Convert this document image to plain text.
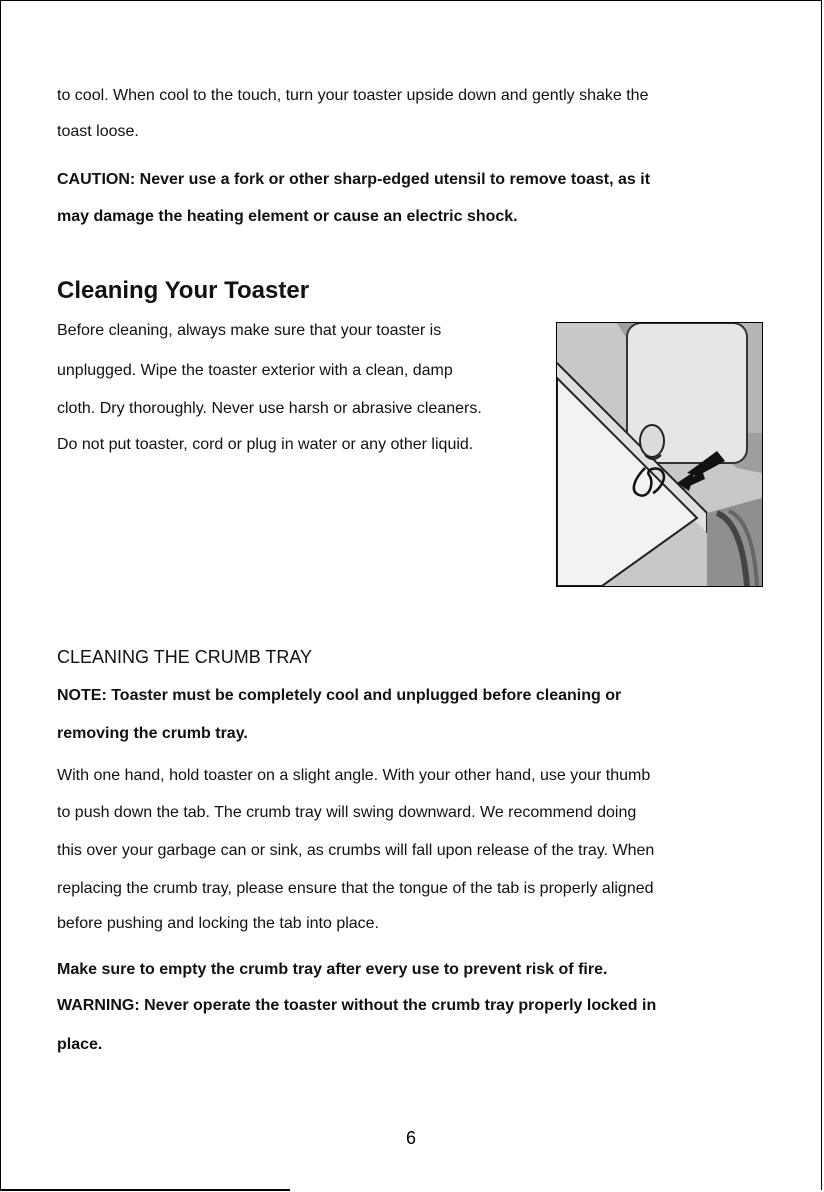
to cool. When cool to the touch, turn your toaster upside down and gently shake the
toast loose.
CAUTION: Never use a fork or other sharp-edged utensil to remove toast, as it
may damage the heating element or cause an electric shock.
Cleaning Your Toaster
Before cleaning, always make sure that your toaster is
unplugged. Wipe the toaster exterior with a clean, damp
cloth. Dry thoroughly. Never use harsh or abrasive cleaners.
Do not put toaster, cord or plug in water or any other liquid.
CLEANING THE CRUMB TRAY
NOTE: Toaster must be completely cool and unplugged before cleaning or
removing the crumb tray.
With one hand, hold toaster on a slight angle. With your other hand, use your thumb
to push down the tab. The crumb tray will swing downward. We recommend doing
this over your garbage can or sink, as crumbs will fall upon release of the tray. When
replacing the crumb tray, please ensure that the tongue of the tab is properly aligned
before pushing and locking the tab into place.
Make sure to empty the crumb tray after every use to prevent risk of fire.
WARNING: Never operate the toaster without the crumb tray properly locked in
place.
6
